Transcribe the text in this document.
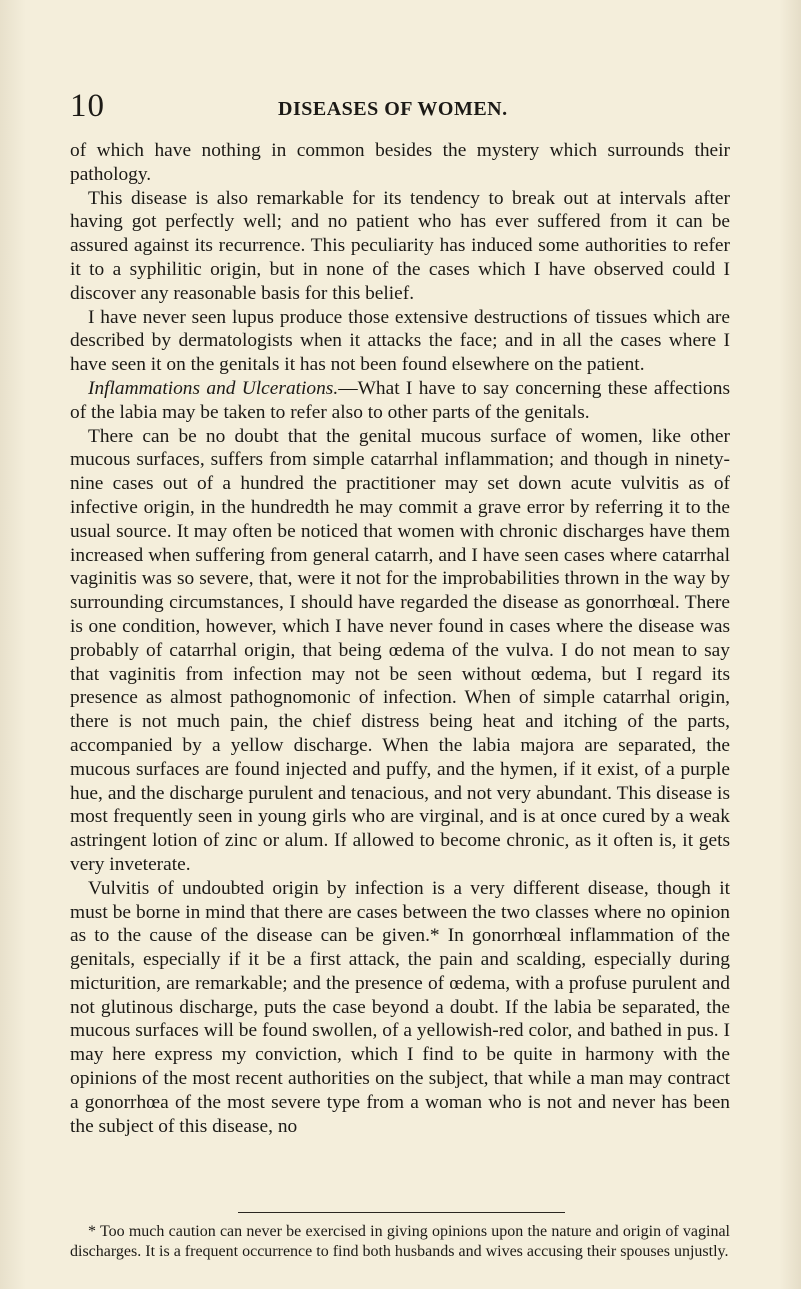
10	DISEASES OF WOMEN.

of which have nothing in common besides the mystery which surrounds their pathology.

This disease is also remarkable for its tendency to break out at intervals after having got perfectly well; and no patient who has ever suffered from it can be assured against its recurrence. This peculiarity has induced some authorities to refer it to a syphilitic origin, but in none of the cases which I have observed could I discover any reasonable basis for this belief.

I have never seen lupus produce those extensive destructions of tissues which are described by dermatologists when it attacks the face; and in all the cases where I have seen it on the genitals it has not been found elsewhere on the patient.

Inflammations and Ulcerations.—What I have to say concerning these affections of the labia may be taken to refer also to other parts of the genitals.

There can be no doubt that the genital mucous surface of women, like other mucous surfaces, suffers from simple catarrhal inflammation; and though in ninety-nine cases out of a hundred the practitioner may set down acute vulvitis as of infective origin, in the hundredth he may commit a grave error by referring it to the usual source. It may often be noticed that women with chronic discharges have them increased when suffering from general catarrh, and I have seen cases where catarrhal vaginitis was so severe, that, were it not for the improbabilities thrown in the way by surrounding circumstances, I should have regarded the disease as gonorrhœal. There is one condition, however, which I have never found in cases where the disease was probably of catarrhal origin, that being œdema of the vulva. I do not mean to say that vaginitis from infection may not be seen without œdema, but I regard its presence as almost pathognomonic of infection. When of simple catarrhal origin, there is not much pain, the chief distress being heat and itching of the parts, accompanied by a yellow discharge. When the labia majora are separated, the mucous surfaces are found injected and puffy, and the hymen, if it exist, of a purple hue, and the discharge purulent and tenacious, and not very abundant. This disease is most frequently seen in young girls who are virginal, and is at once cured by a weak astringent lotion of zinc or alum. If allowed to become chronic, as it often is, it gets very inveterate.

Vulvitis of undoubted origin by infection is a very different disease, though it must be borne in mind that there are cases between the two classes where no opinion as to the cause of the disease can be given.* In gonorrhœal inflammation of the genitals, especially if it be a first attack, the pain and scalding, especially during micturition, are remarkable; and the presence of œdema, with a profuse purulent and not glutinous discharge, puts the case beyond a doubt. If the labia be separated, the mucous surfaces will be found swollen, of a yellowish-red color, and bathed in pus. I may here express my conviction, which I find to be quite in harmony with the opinions of the most recent authorities on the subject, that while a man may contract a gonorrhœa of the most severe type from a woman who is not and never has been the subject of this disease, no

* Too much caution can never be exercised in giving opinions upon the nature and origin of vaginal discharges. It is a frequent occurrence to find both husbands and wives accusing their spouses unjustly.
